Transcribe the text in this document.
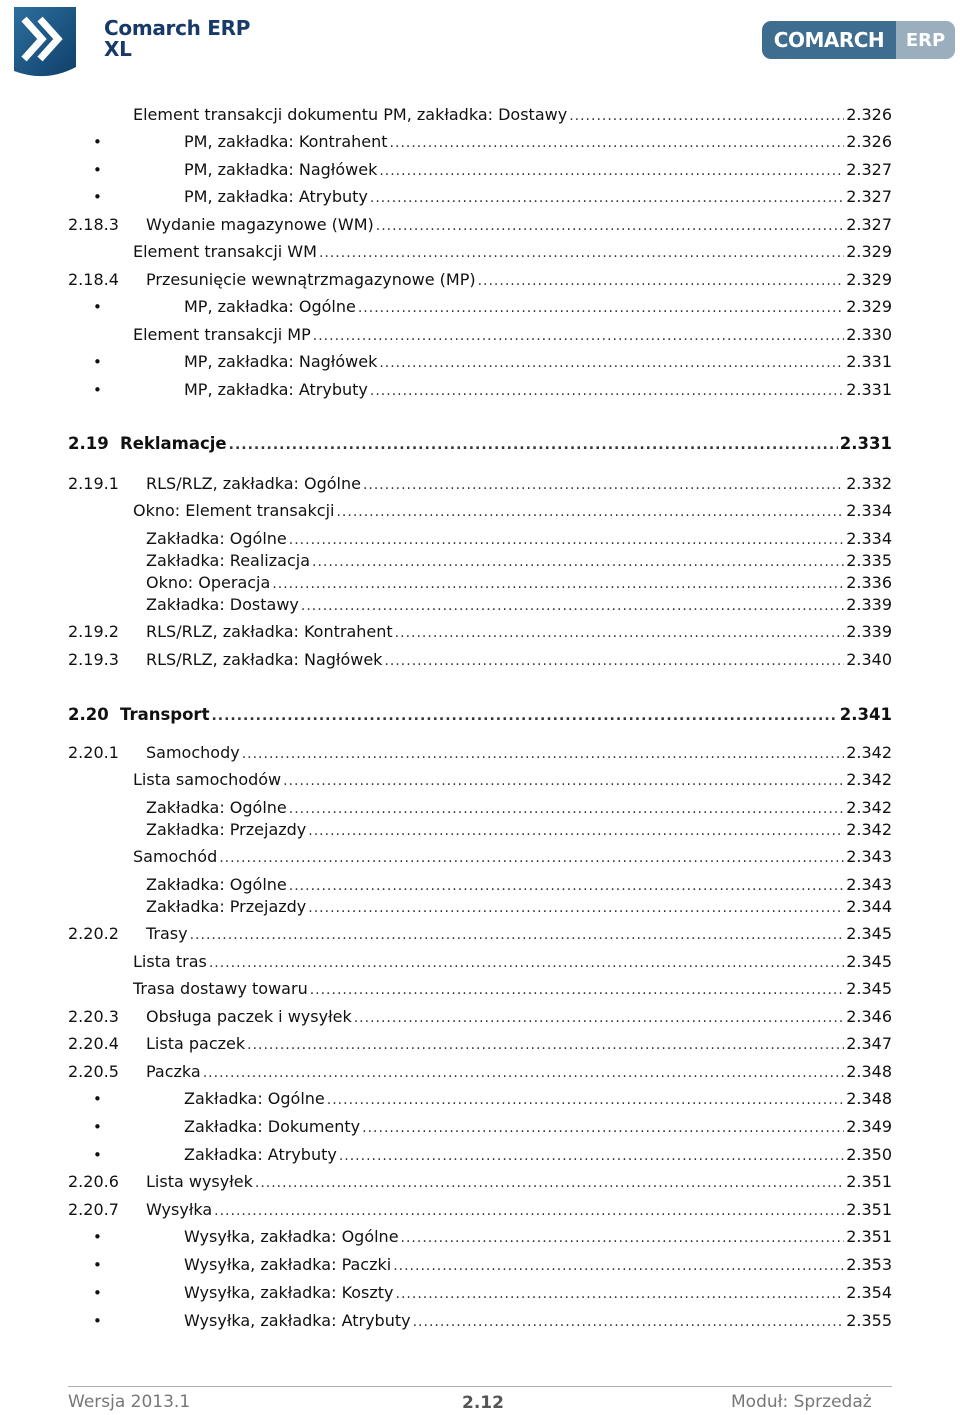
Comarch ERP
XL	COMARCH	ERP
Element transakcji dokumentu PM, zakładka: Dostawy .....	2.326
•	PM, zakładka: Kontrahent .....	2.326
•	PM, zakładka: Nagłówek .....	2.327
•	PM, zakładka: Atrybuty .....	2.327
2.18.3 Wydanie magazynowe (WM) .....	2.327
Element transakcji WM .....	2.329
2.18.4 Przesunięcie wewnątrzmagazynowe (MP) .....	2.329
•	MP, zakładka: Ogólne .....	2.329
Element transakcji MP .....	2.330
•	MP, zakładka: Nagłówek .....	2.331
•	MP, zakładka: Atrybuty .....	2.331
2.19 Reklamacje .....	2.331
2.19.1 RLS/RLZ, zakładka: Ogólne .....	2.332
Okno: Element transakcji .....	2.334
Zakładka: Ogólne .....	2.334
Zakładka: Realizacja .....	2.335
Okno: Operacja .....	2.336
Zakładka: Dostawy .....	2.339
2.19.2 RLS/RLZ, zakładka: Kontrahent .....	2.339
2.19.3 RLS/RLZ, zakładka: Nagłówek .....	2.340
2.20 Transport .....	2.341
2.20.1 Samochody .....	2.342
Lista samochodów .....	2.342
Zakładka: Ogólne .....	2.342
Zakładka: Przejazdy .....	2.342
Samochód .....	2.343
Zakładka: Ogólne .....	2.343
Zakładka: Przejazdy .....	2.344
2.20.2 Trasy .....	2.345
Lista tras .....	2.345
Trasa dostawy towaru .....	2.345
2.20.3 Obsługa paczek i wysyłek .....	2.346
2.20.4 Lista paczek .....	2.347
2.20.5 Paczka .....	2.348
•	Zakładka: Ogólne .....	2.348
•	Zakładka: Dokumenty .....	2.349
•	Zakładka: Atrybuty .....	2.350
2.20.6 Lista wysyłek .....	2.351
2.20.7 Wysyłka .....	2.351
•	Wysyłka, zakładka: Ogólne .....	2.351
•	Wysyłka, zakładka: Paczki .....	2.353
•	Wysyłka, zakładka: Koszty .....	2.354
•	Wysyłka, zakładka: Atrybuty .....	2.355
Wersja 2013.1	2.12	Moduł: Sprzedaż
